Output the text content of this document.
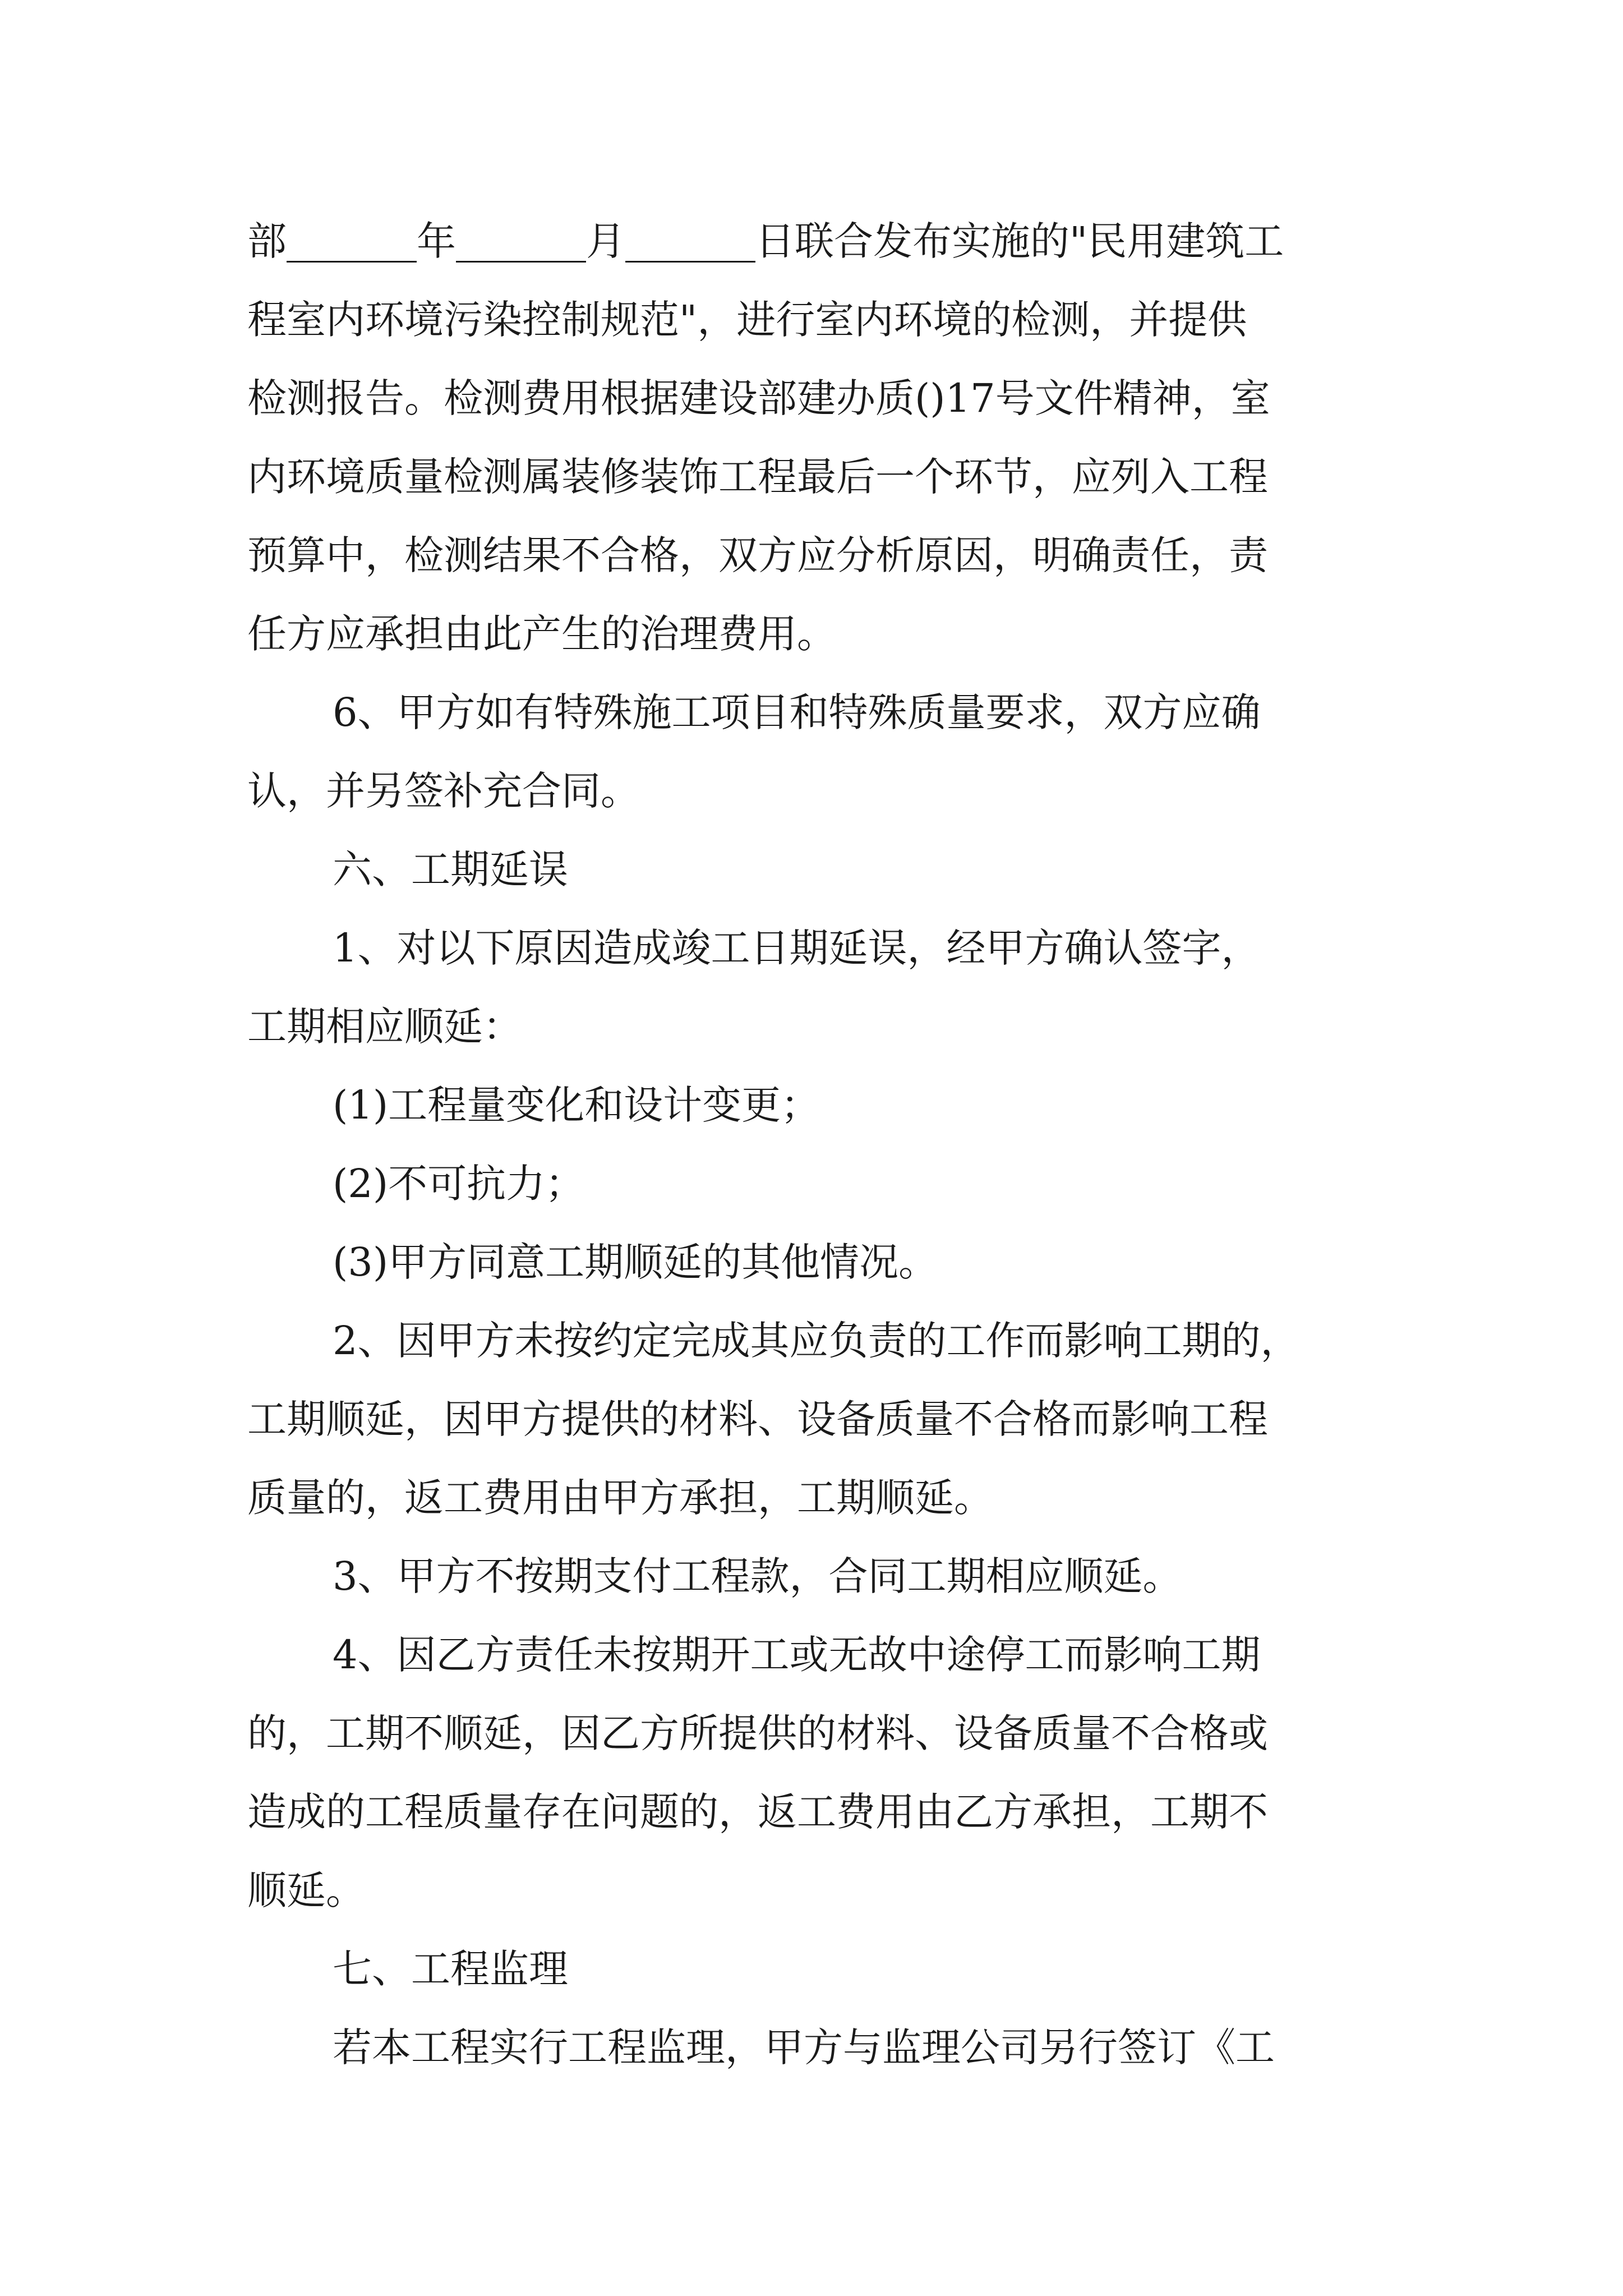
部	年	月	日联合发布实施的"民用建筑工
程室内环境污染控制规范"，进行室内环境的检测，并提供
检测报告。检测费用根据建设部建办质()17号文件精神，室
内环境质量检测属装修装饰工程最后一个环节，应列入工程
预算中，检测结果不合格，双方应分析原因，明确责任，责
任方应承担由此产生的治理费用。
6、甲方如有特殊施工项目和特殊质量要求，双方应确
认，并另签补充合同。
六、工期延误
1、对以下原因造成竣工日期延误，经甲方确认签字，
工期相应顺延：
(1)工程量变化和设计变更；
(2)不可抗力；
(3)甲方同意工期顺延的其他情况。
2、因甲方未按约定完成其应负责的工作而影响工期的，
工期顺延，因甲方提供的材料、设备质量不合格而影响工程
质量的，返工费用由甲方承担，工期顺延。
3、甲方不按期支付工程款，合同工期相应顺延。
4、因乙方责任未按期开工或无故中途停工而影响工期
的，工期不顺延，因乙方所提供的材料、设备质量不合格或
造成的工程质量存在问题的，返工费用由乙方承担，工期不
顺延。
七、工程监理
若本工程实行工程监理，甲方与监理公司另行签订《工
